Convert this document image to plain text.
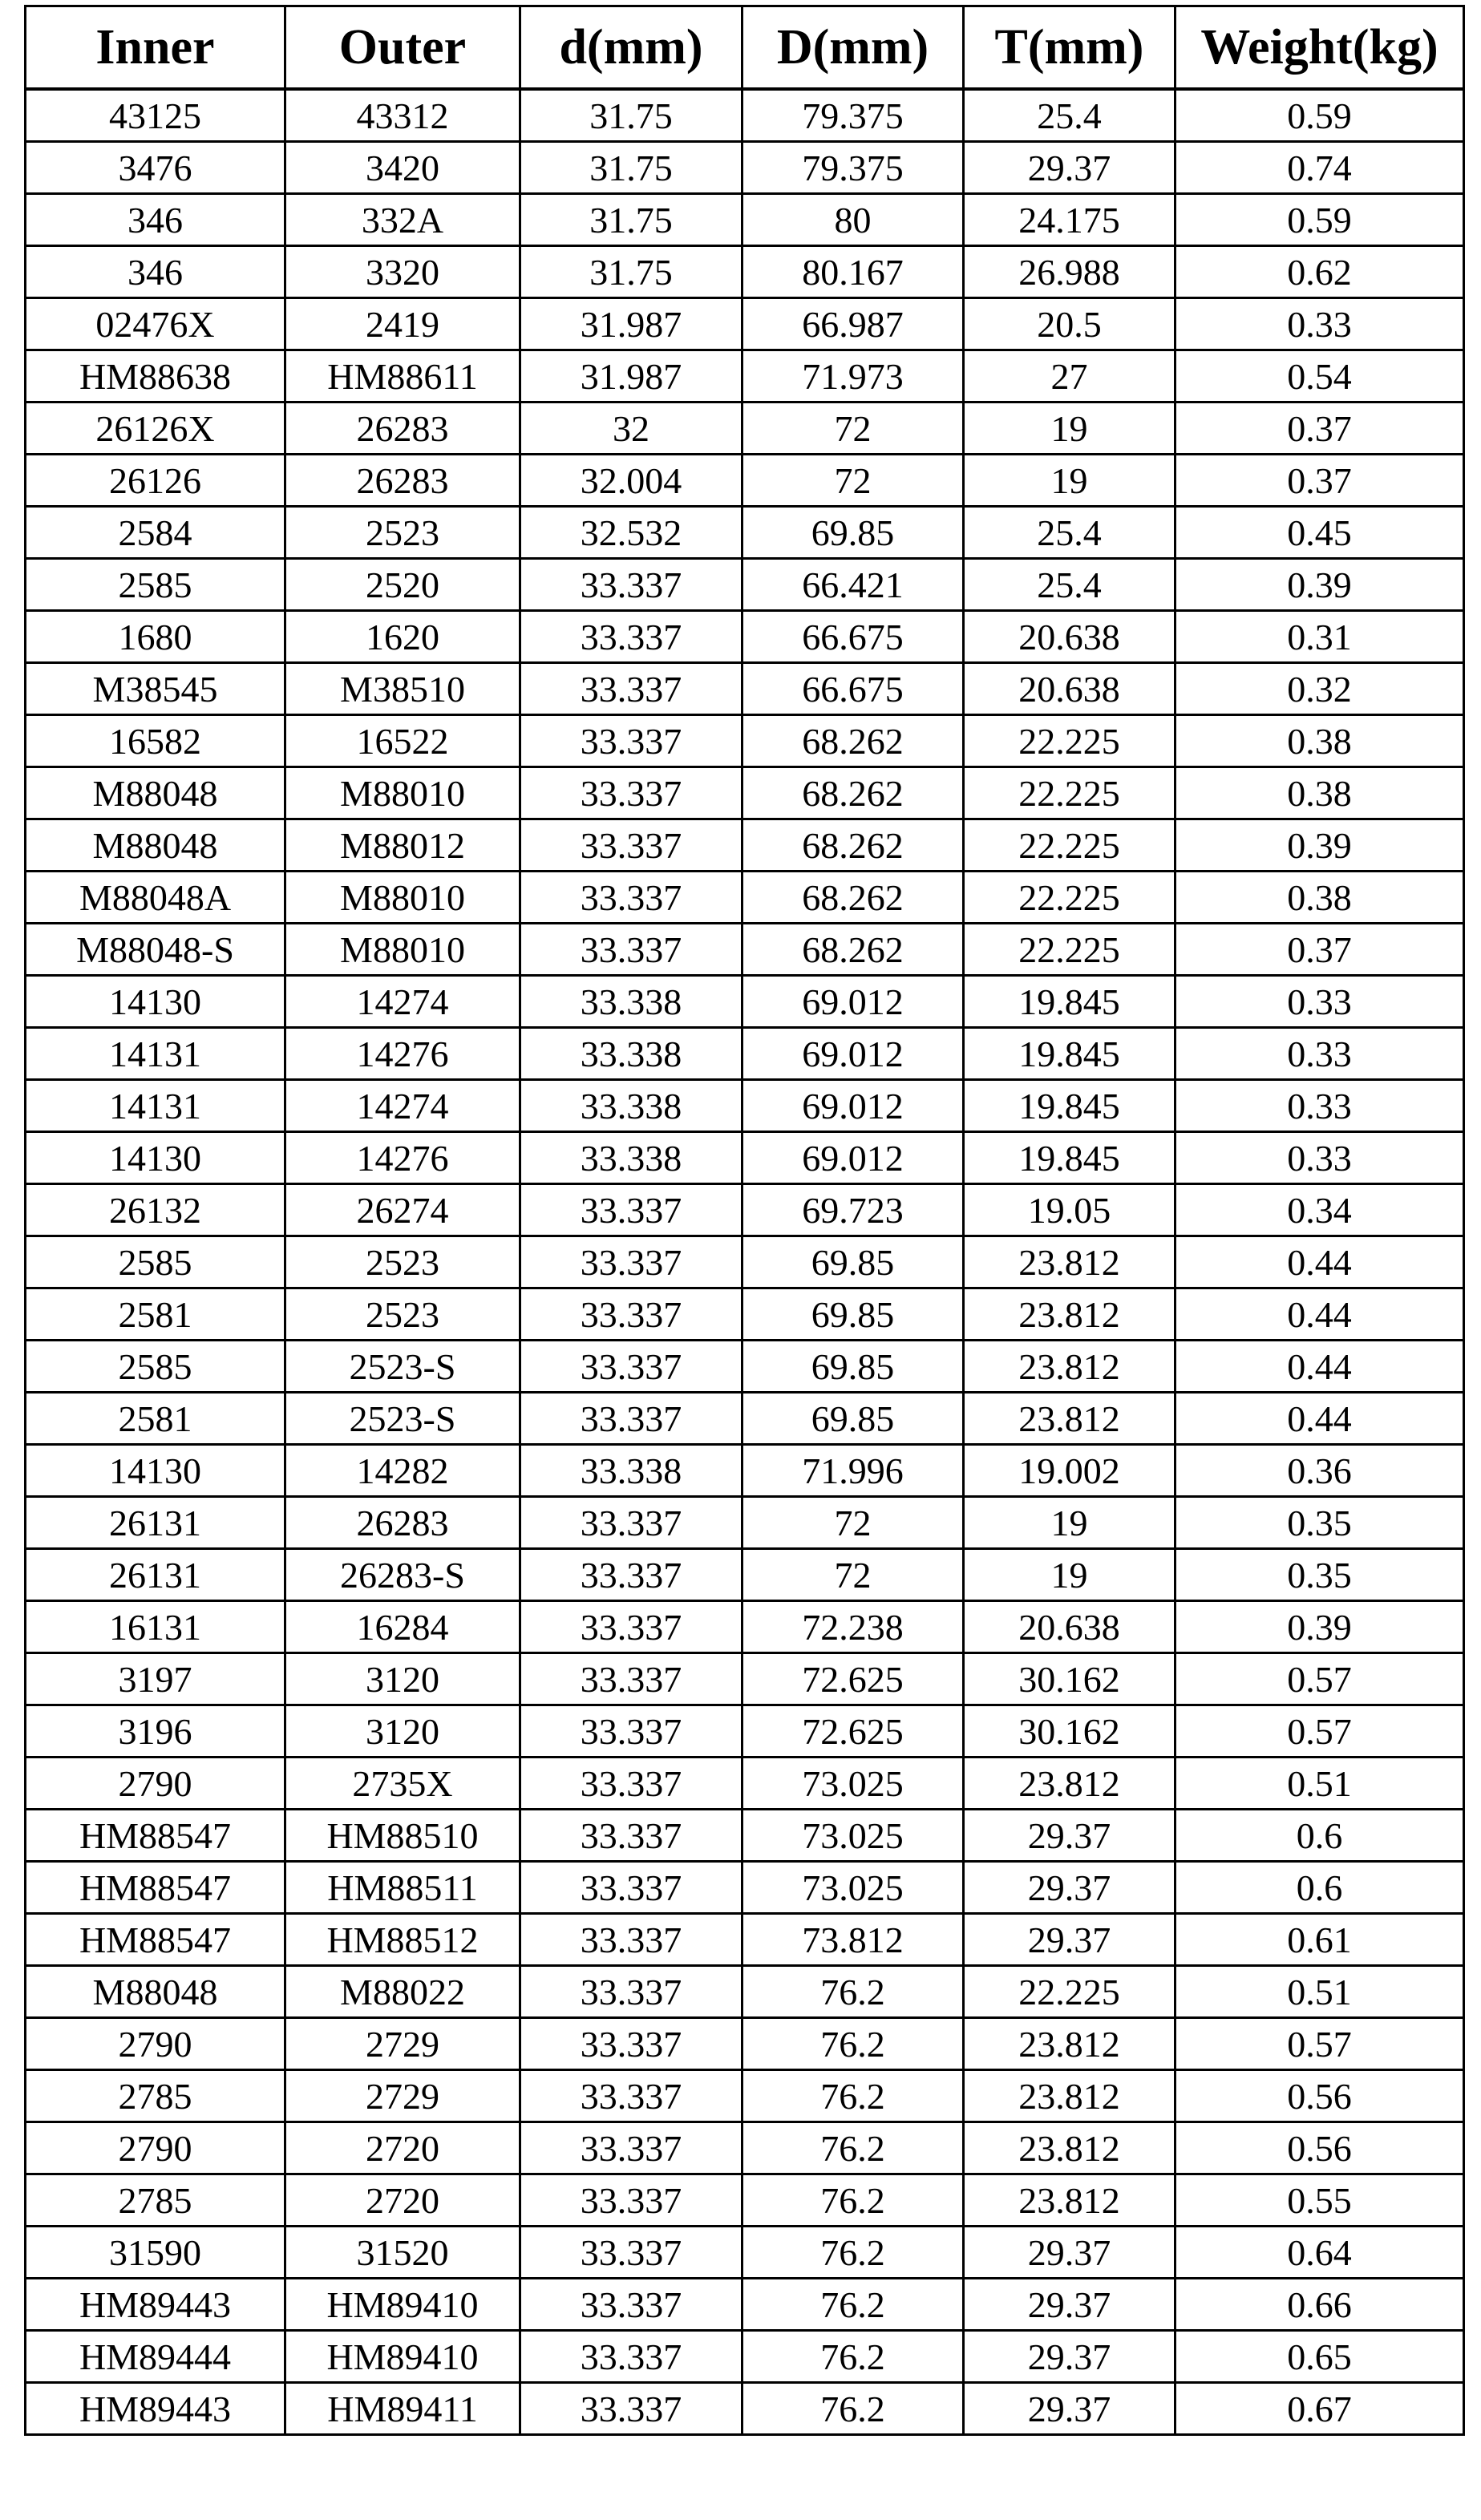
Inner	Outer	d(mm)	D(mm)	T(mm)	Weight(kg)
43125	43312	31.75	79.375	25.4	0.59
3476	3420	31.75	79.375	29.37	0.74
346	332A	31.75	80	24.175	0.59
346	3320	31.75	80.167	26.988	0.62
02476X	2419	31.987	66.987	20.5	0.33
HM88638	HM88611	31.987	71.973	27	0.54
26126X	26283	32	72	19	0.37
26126	26283	32.004	72	19	0.37
2584	2523	32.532	69.85	25.4	0.45
2585	2520	33.337	66.421	25.4	0.39
1680	1620	33.337	66.675	20.638	0.31
M38545	M38510	33.337	66.675	20.638	0.32
16582	16522	33.337	68.262	22.225	0.38
M88048	M88010	33.337	68.262	22.225	0.38
M88048	M88012	33.337	68.262	22.225	0.39
M88048A	M88010	33.337	68.262	22.225	0.38
M88048-S	M88010	33.337	68.262	22.225	0.37
14130	14274	33.338	69.012	19.845	0.33
14131	14276	33.338	69.012	19.845	0.33
14131	14274	33.338	69.012	19.845	0.33
14130	14276	33.338	69.012	19.845	0.33
26132	26274	33.337	69.723	19.05	0.34
2585	2523	33.337	69.85	23.812	0.44
2581	2523	33.337	69.85	23.812	0.44
2585	2523-S	33.337	69.85	23.812	0.44
2581	2523-S	33.337	69.85	23.812	0.44
14130	14282	33.338	71.996	19.002	0.36
26131	26283	33.337	72	19	0.35
26131	26283-S	33.337	72	19	0.35
16131	16284	33.337	72.238	20.638	0.39
3197	3120	33.337	72.625	30.162	0.57
3196	3120	33.337	72.625	30.162	0.57
2790	2735X	33.337	73.025	23.812	0.51
HM88547	HM88510	33.337	73.025	29.37	0.6
HM88547	HM88511	33.337	73.025	29.37	0.6
HM88547	HM88512	33.337	73.812	29.37	0.61
M88048	M88022	33.337	76.2	22.225	0.51
2790	2729	33.337	76.2	23.812	0.57
2785	2729	33.337	76.2	23.812	0.56
2790	2720	33.337	76.2	23.812	0.56
2785	2720	33.337	76.2	23.812	0.55
31590	31520	33.337	76.2	29.37	0.64
HM89443	HM89410	33.337	76.2	29.37	0.66
HM89444	HM89410	33.337	76.2	29.37	0.65
HM89443	HM89411	33.337	76.2	29.37	0.67
